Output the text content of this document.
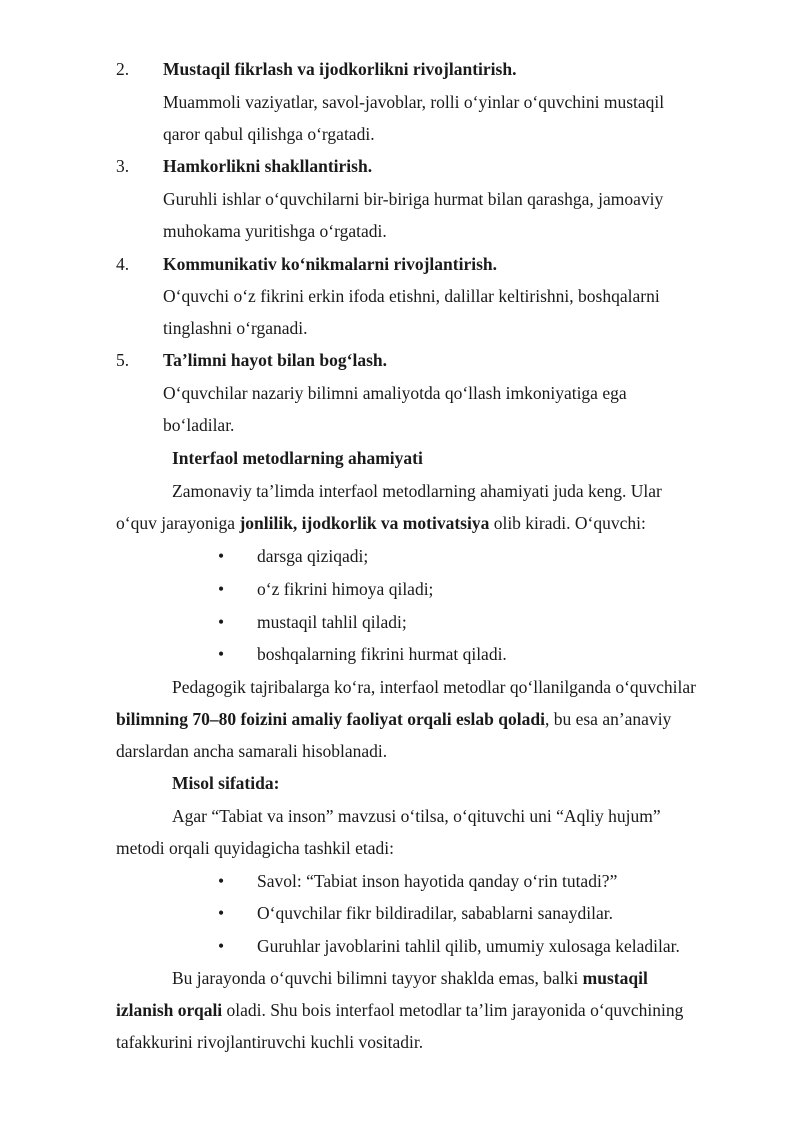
2. Mustaqil fikrlash va ijodkorlikni rivojlantirish.
Muammoli vaziyatlar, savol-javoblar, rolli o‘yinlar o‘quvchini mustaqil
qaror qabul qilishga o‘rgatadi.
3. Hamkorlikni shakllantirish.
Guruhli ishlar o‘quvchilarni bir-biriga hurmat bilan qarashga, jamoaviy
muhokama yuritishga o‘rgatadi.
4. Kommunikativ ko‘nikmalarni rivojlantirish.
O‘quvchi o‘z fikrini erkin ifoda etishni, dalillar keltirishni, boshqalarni
tinglashni o‘rganadi.
5. Ta’limni hayot bilan bog‘lash.
O‘quvchilar nazariy bilimni amaliyotda qo‘llash imkoniyatiga ega
bo‘ladilar.
Interfaol metodlarning ahamiyati
Zamonaviy ta’limda interfaol metodlarning ahamiyati juda keng. Ular
o‘quv jarayoniga jonlilik, ijodkorlik va motivatsiya olib kiradi. O‘quvchi:
• darsga qiziqadi;
• o‘z fikrini himoya qiladi;
• mustaqil tahlil qiladi;
• boshqalarning fikrini hurmat qiladi.
Pedagogik tajribalarga ko‘ra, interfaol metodlar qo‘llanilganda o‘quvchilar
bilimning 70–80 foizini amaliy faoliyat orqali eslab qoladi, bu esa an’anaviy
darslardan ancha samarali hisoblanadi.
Misol sifatida:
Agar “Tabiat va inson” mavzusi o‘tilsa, o‘qituvchi uni “Aqliy hujum”
metodi orqali quyidagicha tashkil etadi:
• Savol: “Tabiat inson hayotida qanday o‘rin tutadi?”
• O‘quvchilar fikr bildiradilar, sabablarni sanaydilar.
• Guruhlar javoblarini tahlil qilib, umumiy xulosaga keladilar.
Bu jarayonda o‘quvchi bilimni tayyor shaklda emas, balki mustaqil
izlanish orqali oladi. Shu bois interfaol metodlar ta’lim jarayonida o‘quvchining
tafakkurini rivojlantiruvchi kuchli vositadir.
